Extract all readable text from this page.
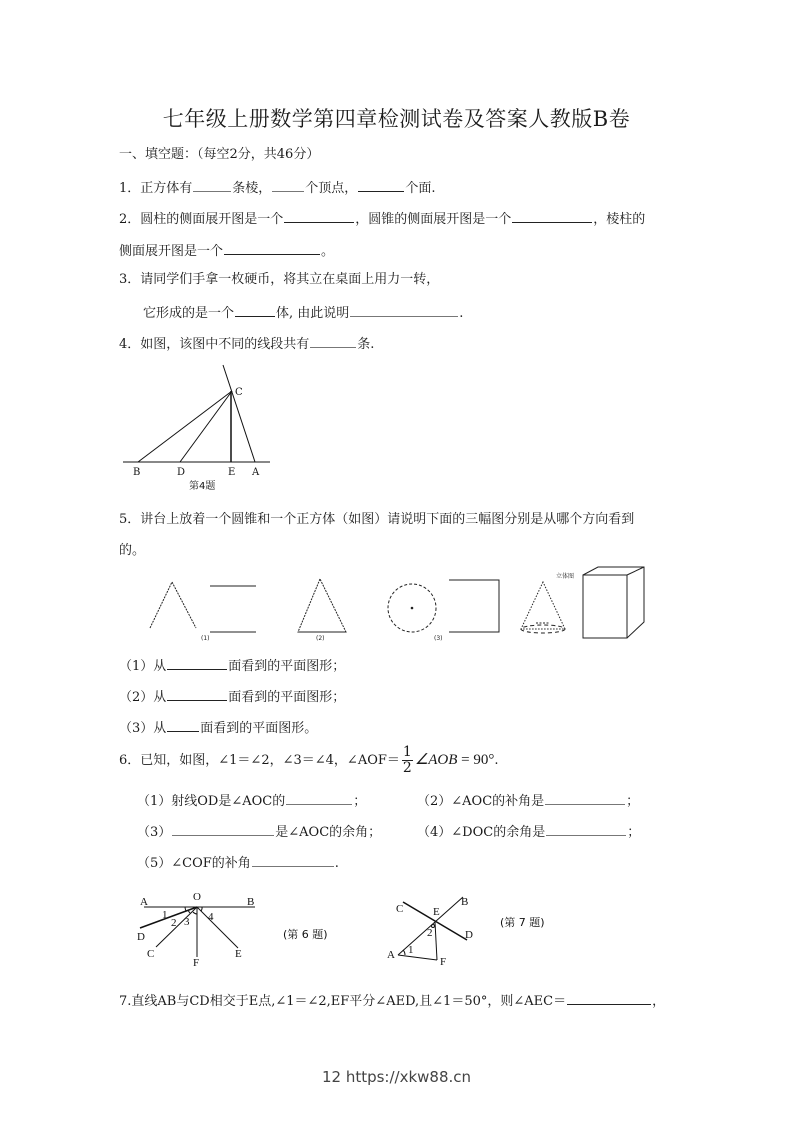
七年级上册数学第四章检测试卷及答案人教版B卷
一、填空题：（每空2分，共46分）
1．正方体有	条棱，	个顶点，	个面.
2．圆柱的侧面展开图是一个	，圆锥的侧面展开图是一个	，棱柱的
侧面展开图是一个	。
3．请同学们手拿一枚硬币，将其立在桌面上用力一转，
它形成的是一个	体, 由此说明	.
4．如图，该图中不同的线段共有	条.
C
B	D	E A
第4题
5．讲台上放着一个圆锥和一个正方体（如图）请说明下面的三幅图分别是从哪个方向看到
的。
(1)	(2)	(3)
立体图
（1）从	面看到的平面图形；
（2）从	面看到的平面图形；
（3）从	面看到的平面图形。
6．已知，如图，∠1＝∠2，∠3＝∠4，∠AOF＝ $\frac{1}{2}$ ∠AOB = 90°.
（1）射线OD是∠AOC的	；	（2）∠AOC的补角是	；
（3）	是∠AOC的余角；	（4）∠DOC的余角是	；
（5）∠COF的补角	.
A	O	B
1
2 3 4
D
C
F
E
(第 6 题)
C	E
B
D
2
1
A
F
(第 7 题)
7.直线AB与CD相交于E点,∠1＝∠2,EF平分∠AED,且∠1＝50°，则∠AEC＝	，
12 https://xkw88.cn
